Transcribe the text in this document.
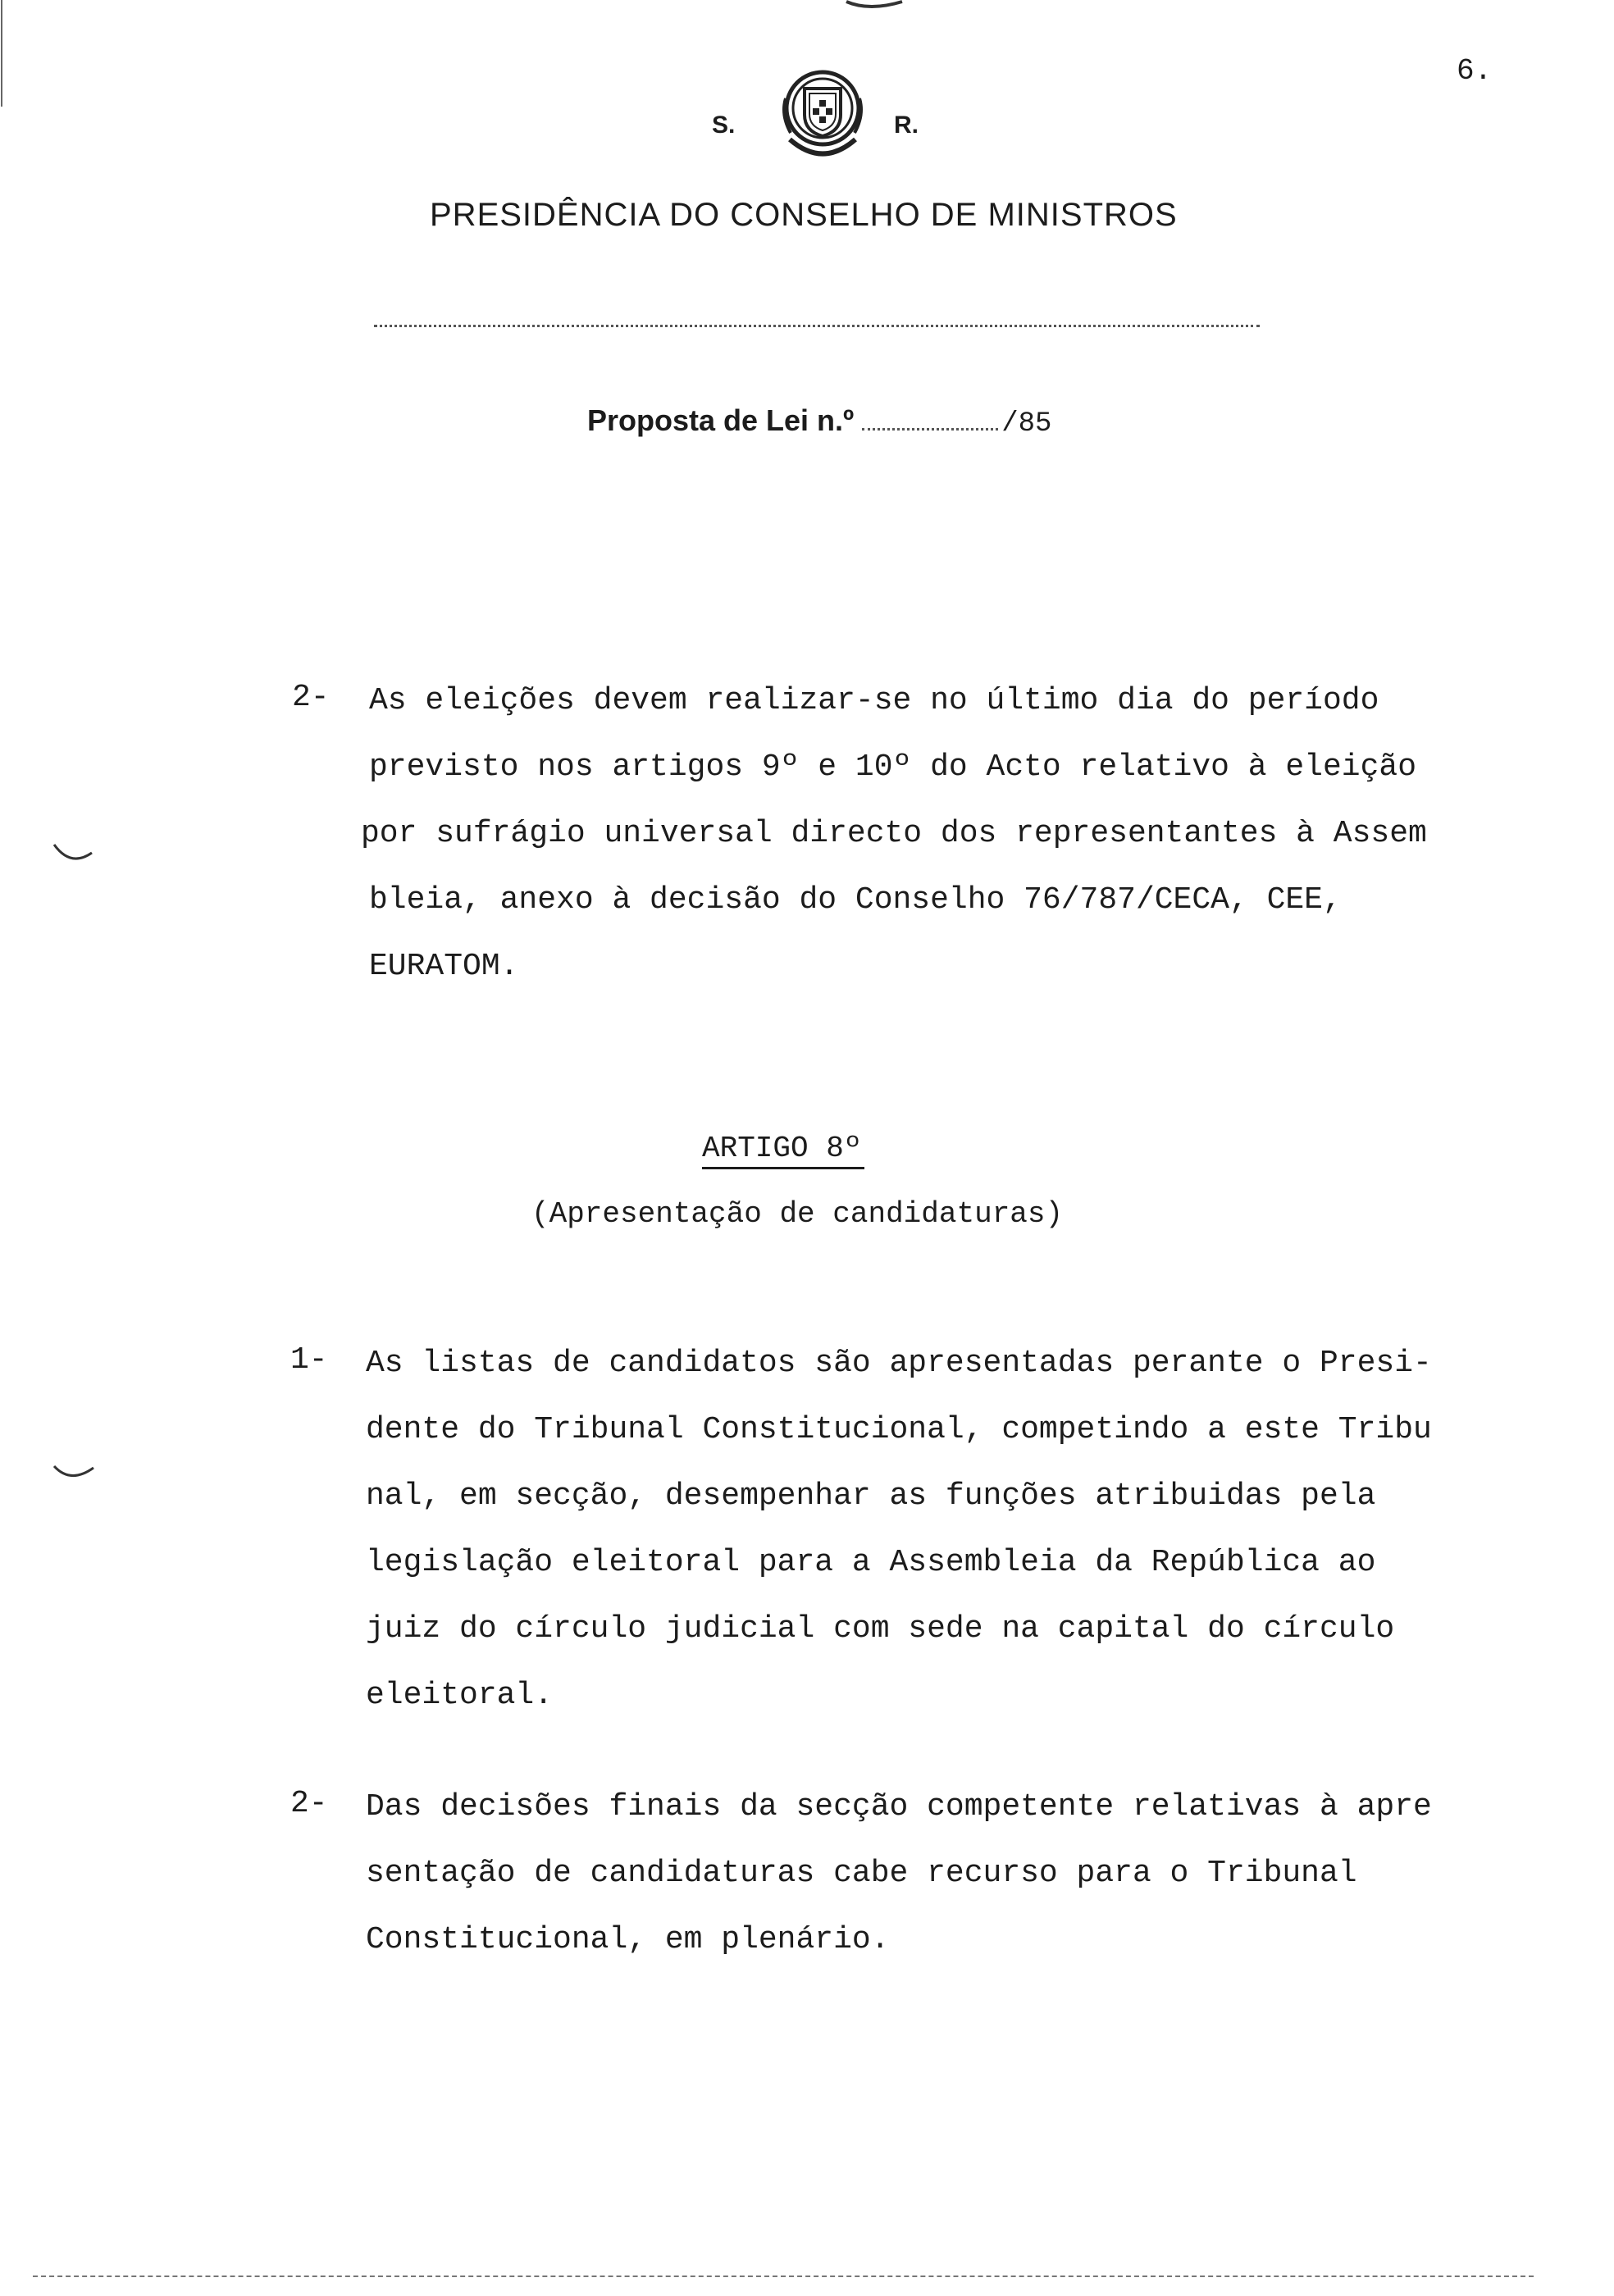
6.
S.	R.
PRESIDÊNCIA DO CONSELHO DE MINISTROS
Proposta de Lei n.º	/85
2- As eleições devem realizar-se no último dia do período
previsto nos artigos 9º e 10º do Acto relativo à eleição
por sufrágio universal directo dos representantes à Assem
bleia, anexo à decisão do Conselho 76/787/CECA, CEE,
EURATOM.
ARTIGO 8º
(Apresentação de candidaturas)
1- As listas de candidatos são apresentadas perante o Presi-
dente do Tribunal Constitucional, competindo a este Tribu
nal, em secção, desempenhar as funções atribuidas pela
legislação eleitoral para a Assembleia da República ao
juiz do círculo judicial com sede na capital do círculo
eleitoral.
2- Das decisões finais da secção competente relativas à apre
sentação de candidaturas cabe recurso para o Tribunal
Constitucional, em plenário.
